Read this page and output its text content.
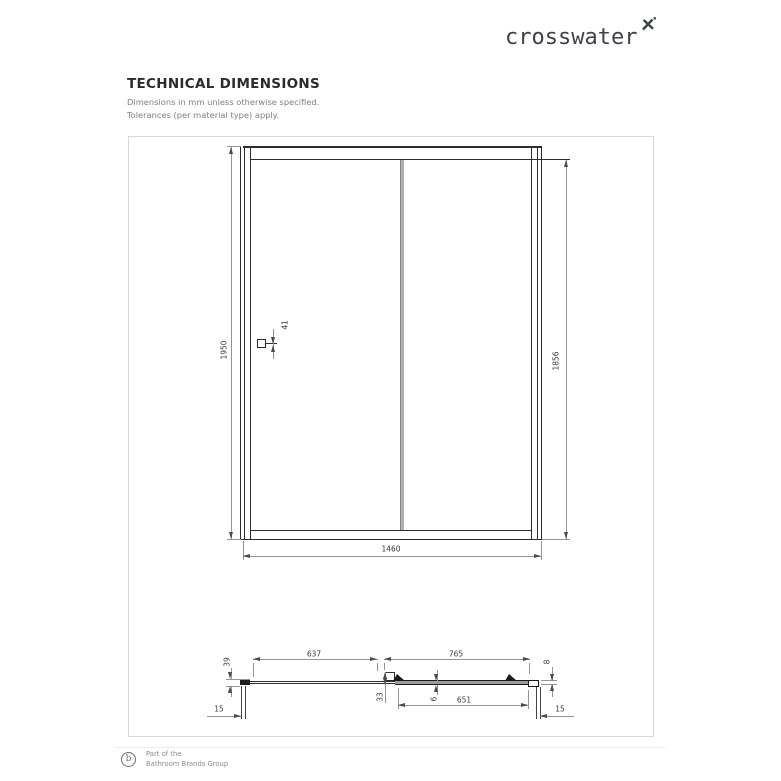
crosswater
TECHNICAL DIMENSIONS
Dimensions in mm unless otherwise specified.
Tolerances (per material type) apply.
41
1950
1856
1460
39
637	765
8
33	6	651
15	15
b	Part of the
Bathroom Brands Group
